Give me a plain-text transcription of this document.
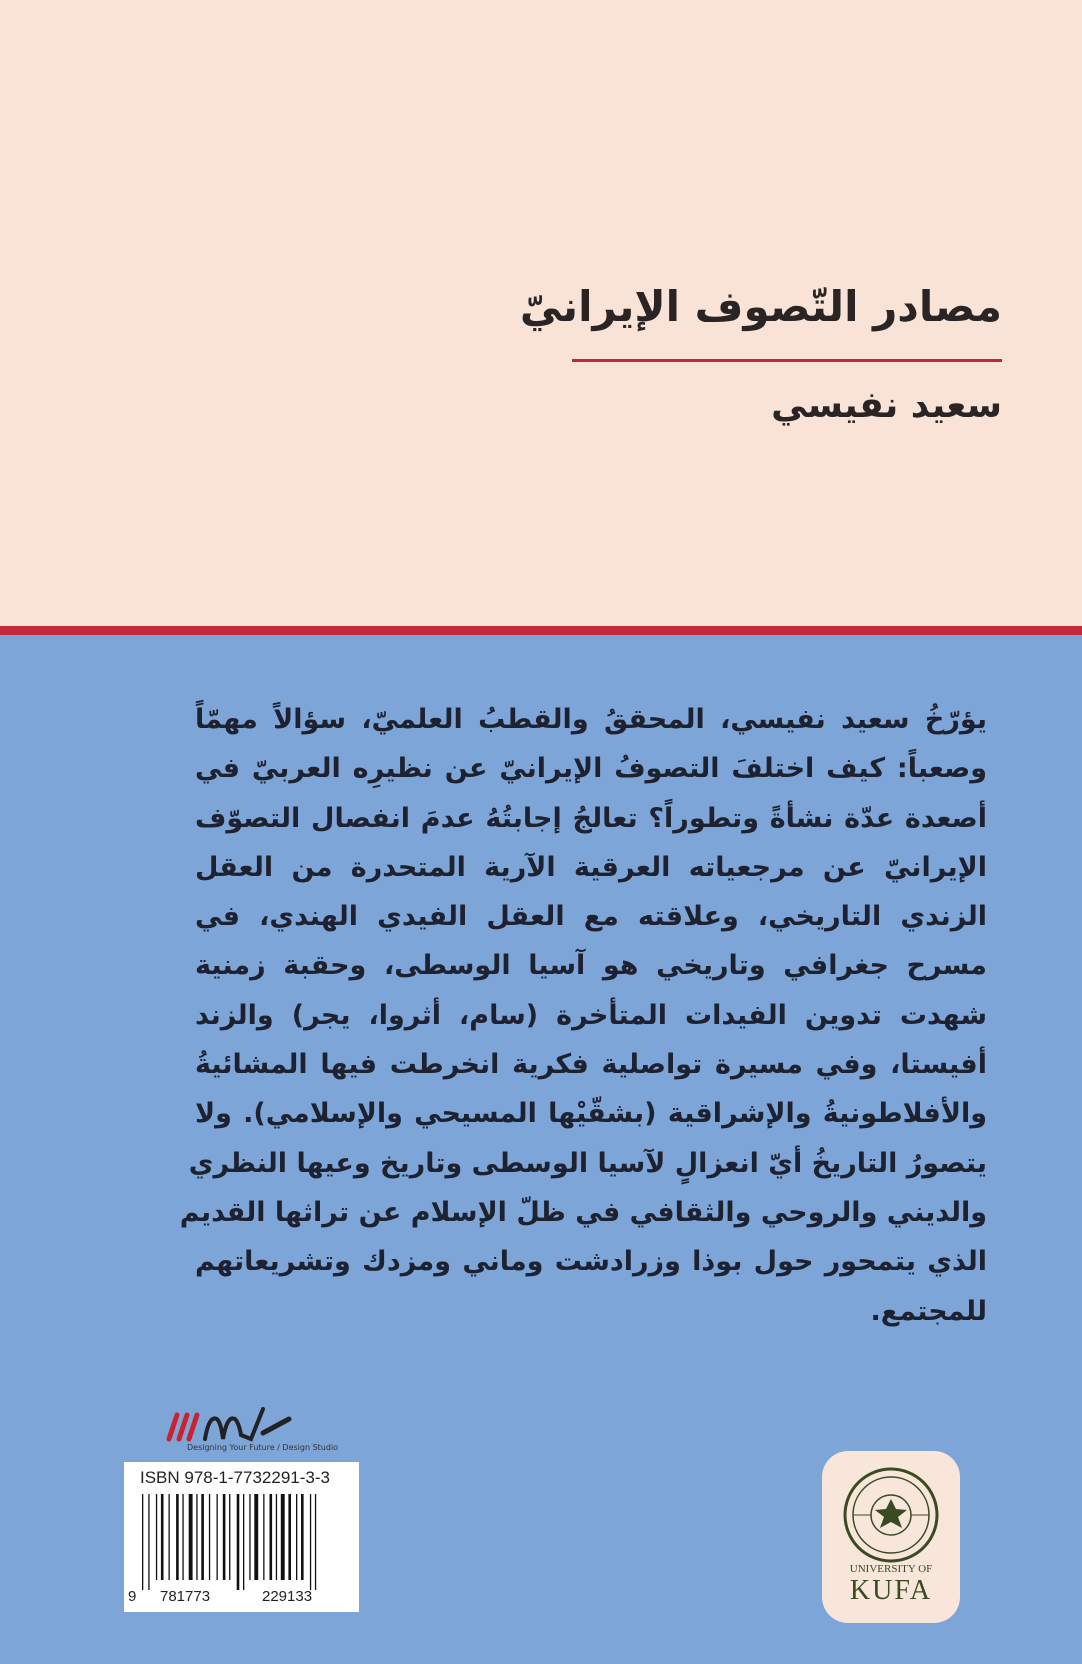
مصادر التّصوف الإيرانيّ
سعيد نفيسي
يؤرّخُ سعيد نفيسي، المحققُ والقطبُ العلميّ، سؤالاً مهمّاً
وصعباً: كيف اختلفَ التصوفُ الإيرانيّ عن نظيرِه العربيّ في
أصعدة عدّة نشأةً وتطوراً؟ تعالجُ إجابتُهُ عدمَ انفصال التصوّف
الإيرانيّ عن مرجعياته العرقية الآرية المتحدرة من العقل
الزندي التاريخي، وعلاقته مع العقل الفيدي الهندي، في
مسرح جغرافي وتاريخي هو آسيا الوسطى، وحقبة زمنية
شهدت تدوين الفيدات المتأخرة (سام، أثروا، يجر) والزند
أفيستا، وفي مسيرة تواصلية فكرية انخرطت فيها المشائيةُ
والأفلاطونيةُ والإشراقية (بشقّيْها المسيحي والإسلامي). ولا
يتصورُ التاريخُ أيّ انعزالٍ لآسيا الوسطى وتاريخ وعيها النظري
والديني والروحي والثقافي في ظلّ الإسلام عن تراثها القديم
الذي يتمحور حول بوذا وزرادشت وماني ومزدك وتشريعاتهم
للمجتمع.
Designing Your Future / Design Studio
ISBN 978-1-7732291-3-3
9 781773	229133
UNIVERSITY OF
KUFA
